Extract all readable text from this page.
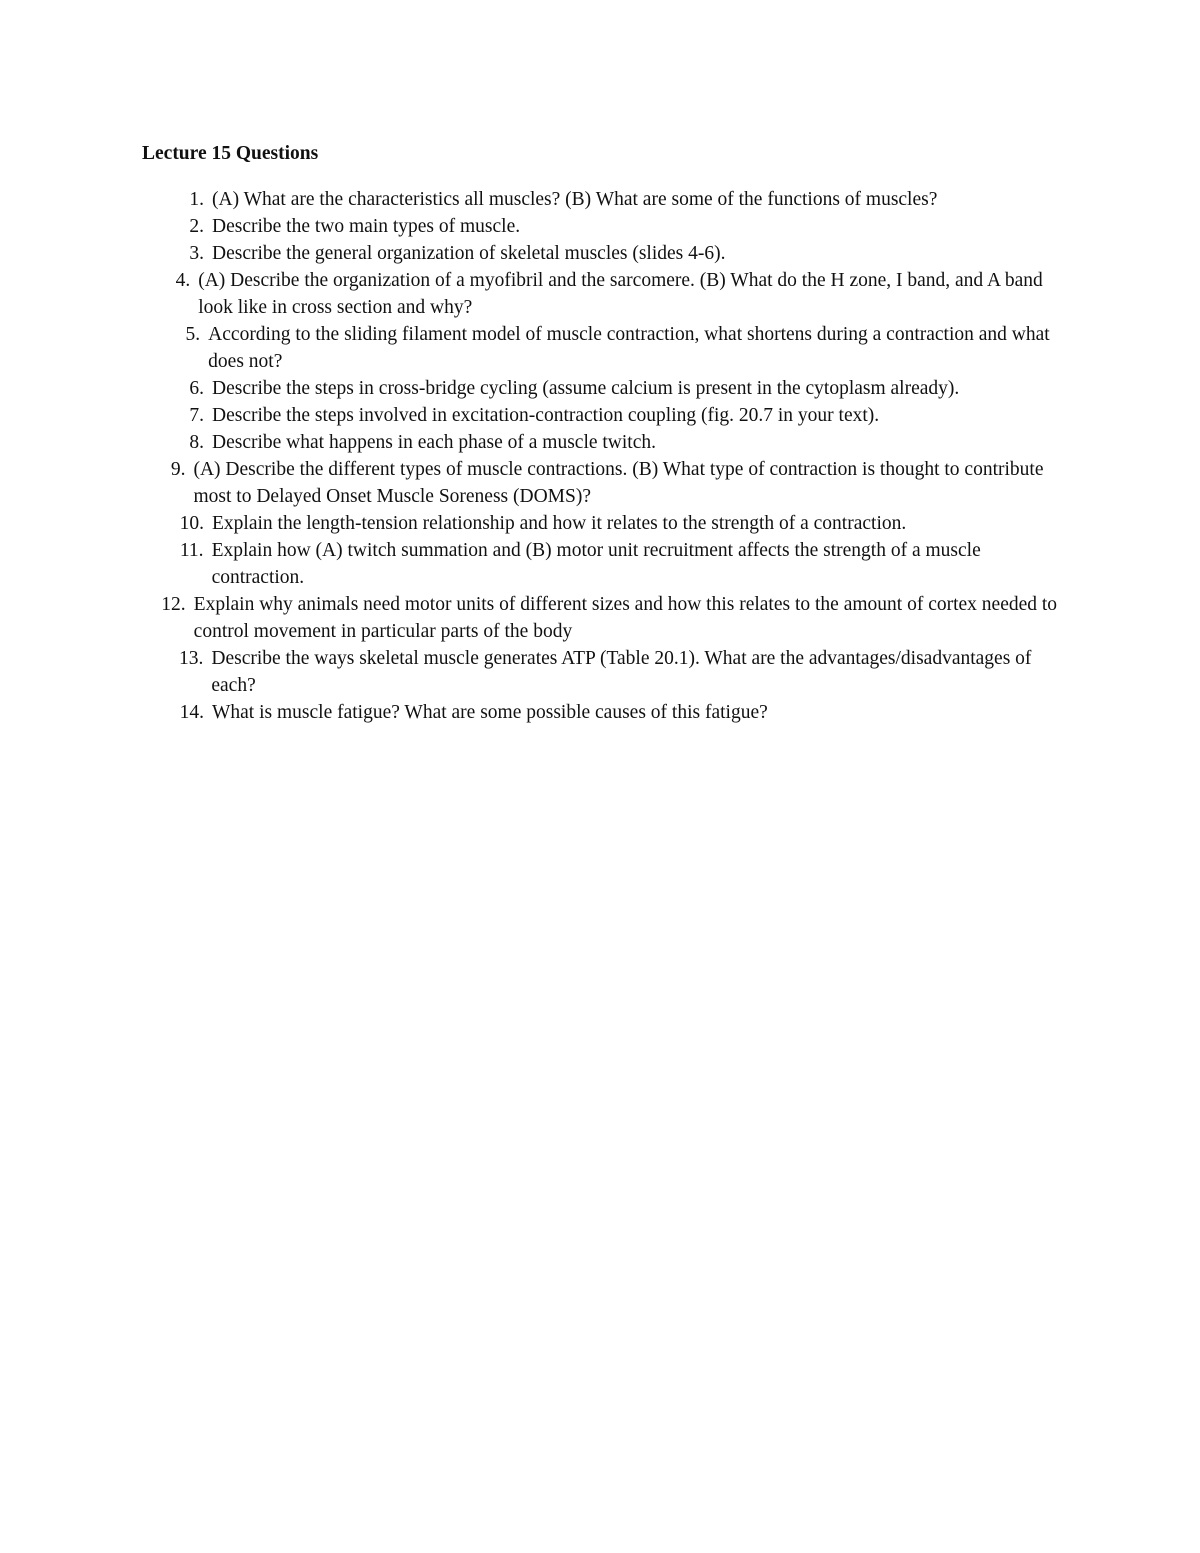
Lecture 15 Questions
1. (A) What are the characteristics all muscles? (B) What are some of the functions of muscles?
2. Describe the two main types of muscle.
3. Describe the general organization of skeletal muscles (slides 4-6).
4. (A) Describe the organization of a myofibril and the sarcomere. (B) What do the H zone, I band, and A band look like in cross section and why?
5. According to the sliding filament model of muscle contraction, what shortens during a contraction and what does not?
6. Describe the steps in cross-bridge cycling (assume calcium is present in the cytoplasm already).
7. Describe the steps involved in excitation-contraction coupling (fig. 20.7 in your text).
8. Describe what happens in each phase of a muscle twitch.
9. (A) Describe the different types of muscle contractions. (B) What type of contraction is thought to contribute most to Delayed Onset Muscle Soreness (DOMS)?
10. Explain the length-tension relationship and how it relates to the strength of a contraction.
11. Explain how (A) twitch summation and (B) motor unit recruitment affects the strength of a muscle contraction.
12. Explain why animals need motor units of different sizes and how this relates to the amount of cortex needed to control movement in particular parts of the body
13. Describe the ways skeletal muscle generates ATP (Table 20.1). What are the advantages/disadvantages of each?
14. What is muscle fatigue? What are some possible causes of this fatigue?
